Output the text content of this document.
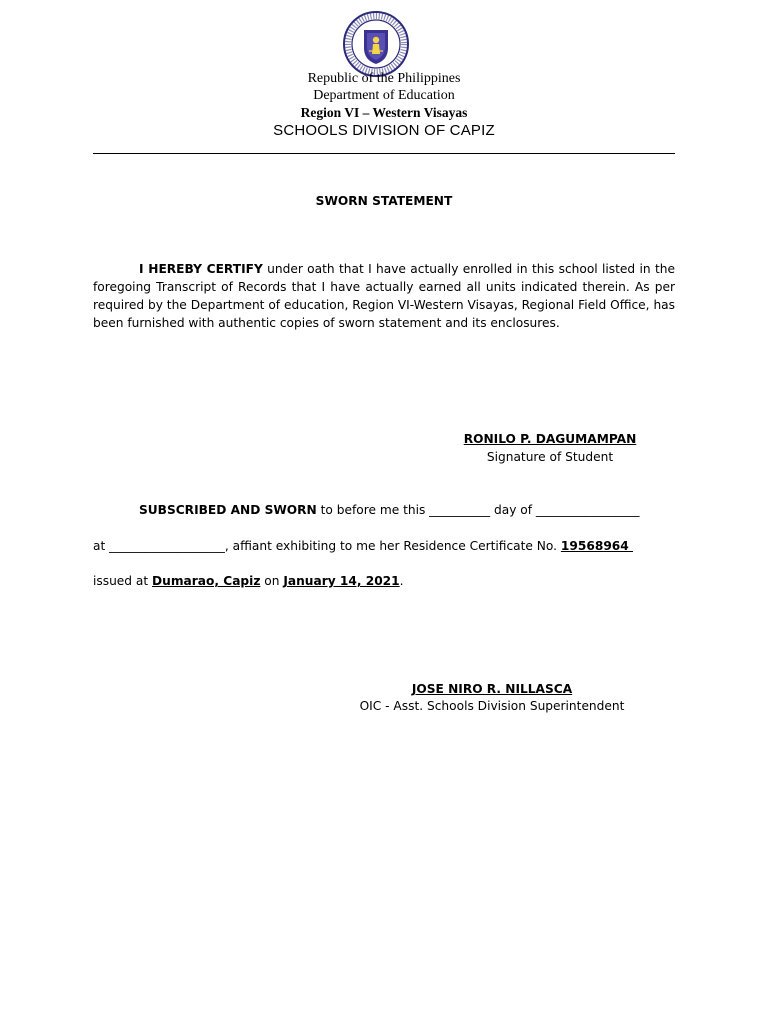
Republic of the Philippines
Department of Education
Region VI – Western Visayas
SCHOOLS DIVISION OF CAPIZ
SWORN STATEMENT
I HEREBY CERTIFY under oath that I have actually enrolled in this school listed in the foregoing Transcript of Records that I have actually earned all units indicated therein. As per required by the Department of education, Region VI-Western Visayas, Regional Field Office, has been furnished with authentic copies of sworn statement and its enclosures.
RONILO P. DAGUMAMPAN
Signature of Student
SUBSCRIBED AND SWORN to before me this __________ day of _________________
at ___________________, affiant exhibiting to me her Residence Certificate No. 19568964
issued at Dumarao, Capiz on January 14, 2021.
JOSE NIRO R. NILLASCA
OIC - Asst. Schools Division Superintendent
